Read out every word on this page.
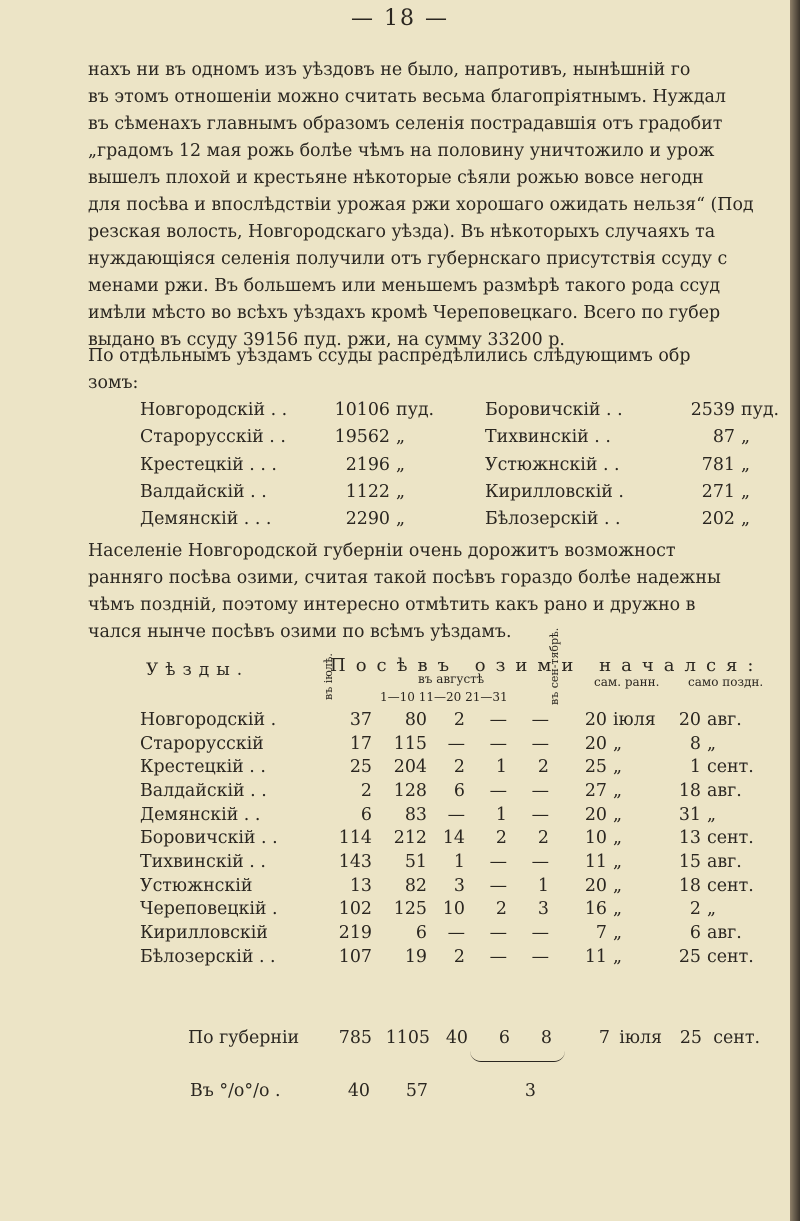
— 18 —
нахъ ни въ одномъ изъ уѣздовъ не было, напротивъ, нынѣшній го
въ этомъ отношеніи можно считать весьма благопріятнымъ. Нуждал
въ сѣменахъ главнымъ образомъ селенія пострадавшія отъ градобит
„градомъ 12 мая рожь болѣе чѣмъ на половину уничтожило и урож
вышелъ плохой и крестьяне нѣкоторые сѣяли рожью вовсе негодн
для посѣва и впослѣдствіи урожая ржи хорошаго ожидать нельзя“ (Под
резская волость, Новгородскаго уѣзда). Въ нѣкоторыхъ случаяхъ та
нуждающіяся селенія получили отъ губернскаго присутствія ссуду с
менами ржи. Въ большемъ или меньшемъ размѣрѣ такого рода ссуд
имѣли мѣсто во всѣхъ уѣздахъ кромѣ Череповецкаго. Всего по губер
выдано въ ссуду 39156 пуд. ржи, на сумму 33200 р.
По отдѣльнымъ уѣздамъ ссуды распредѣлились слѣдующимъ обр
зомъ:
Новгородскій . .	10106 пуд.
Старорусскій . .	19562 „
Крестецкій . . .	2196 „
Валдайскій . .	1122 „
Демянскій . . .	2290 „
Боровичскій . .	2539 пуд.
Тихвинскій . .	87 „
Устюжнскій . .	781 „
Кирилловскій .	271 „
Бѣлозерскій . .	202 „
Населеніе Новгородской губерніи очень дорожитъ возможност
ранняго посѣва озими, считая такой посѣвъ гораздо болѣе надежны
чѣмъ поздній, поэтому интересно отмѣтить какъ рано и дружно в
чался нынче посѣвъ озими по всѣмъ уѣздамъ.
Посѣвъ озими начался:
Уѣзды.	въ іюлѣ.	въ августѣ
1—10 11—20 21—31	въ сен-тябрѣ.	сам. ранн. само поздн.
Новгородскій .	37	80	2	—	—	20	іюля	20	авг.
Старорусскій	17	115	—	—	—	20	„	8	„
Крестецкій . .	25	204	2	1	2	25	„	1	сент.
Валдайскій . .	2	128	6	—	—	27	„	18	авг.
Демянскій . .	6	83	—	1	—	20	„	31	„
Боровичскій . .	114	212	14	2	2	10	„	13	сент.
Тихвинскій . .	143	51	1	—	—	11	„	15	авг.
Устюжнскій	13	82	3	—	1	20	„	18	сент.
Череповецкій .	102	125	10	2	3	16	„	2	„
Кирилловскій	219	6	—	—	—	7	„	6	авг.
Бѣлозерскій . .	107	19	2	—	—	11	„	25	сент.
По губерніи 785 1105 40 6 8	7 іюля 25 сент.
Въ °/о°/о .	40 57	3
